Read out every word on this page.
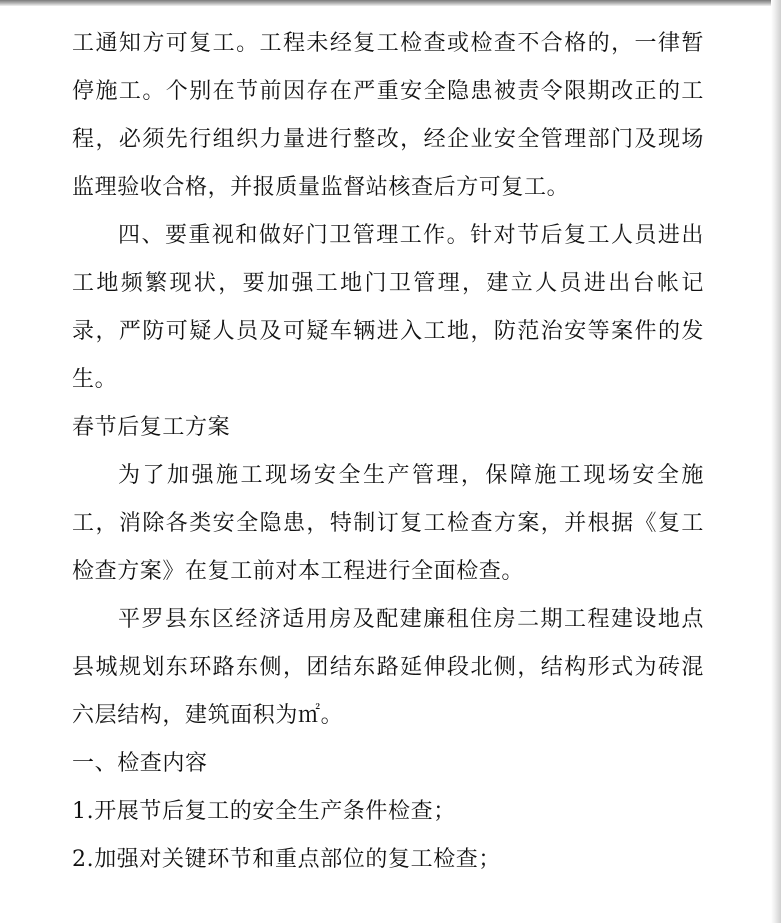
工通知方可复工。工程未经复工检查或检查不合格的，一律暂停施工。个别在节前因存在严重安全隐患被责令限期改正的工程，必须先行组织力量进行整改，经企业安全管理部门及现场监理验收合格，并报质量监督站核查后方可复工。

四、要重视和做好门卫管理工作。针对节后复工人员进出工地频繁现状，要加强工地门卫管理，建立人员进出台帐记录，严防可疑人员及可疑车辆进入工地，防范治安等案件的发生。

春节后复工方案

为了加强施工现场安全生产管理，保障施工现场安全施工，消除各类安全隐患，特制订复工检查方案，并根据《复工检查方案》在复工前对本工程进行全面检查。

平罗县东区经济适用房及配建廉租住房二期工程建设地点县城规划东环路东侧，团结东路延伸段北侧，结构形式为砖混六层结构，建筑面积为㎡。

一、检查内容

1.开展节后复工的安全生产条件检查；

2.加强对关键环节和重点部位的复工检查；
